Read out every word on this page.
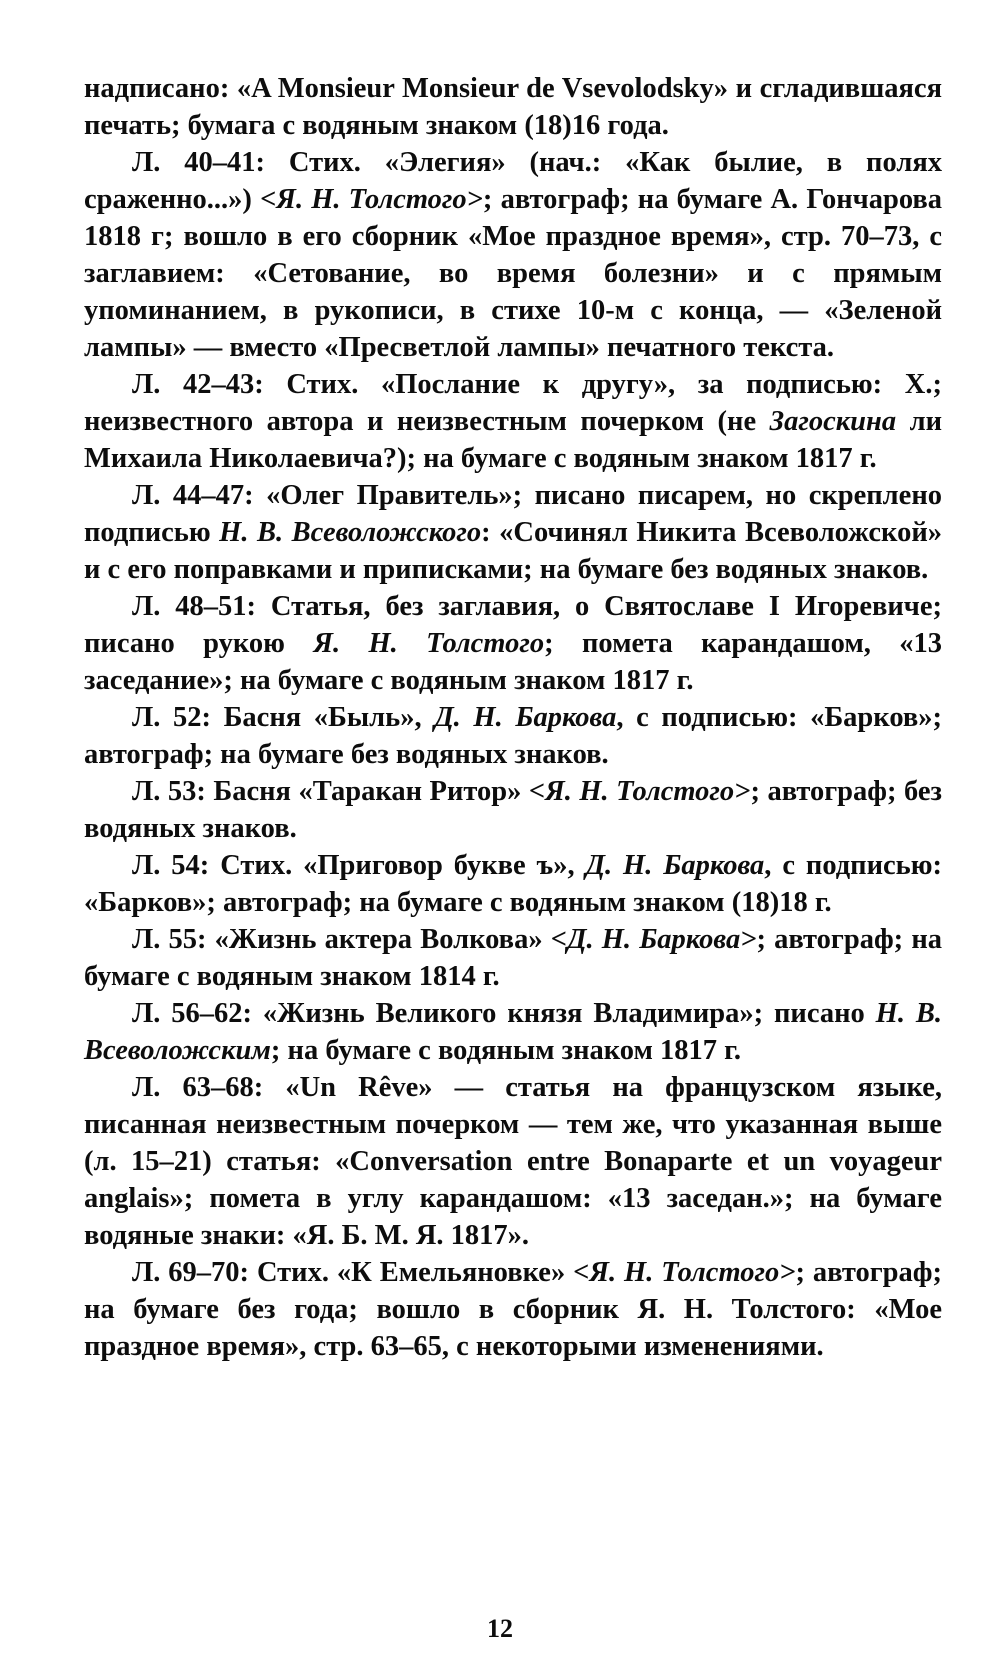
надписано: «A Monsieur Monsieur de Vsevolodsky» и сгладившаяся печать; бумага с водяным знаком (18)16 года.

Л. 40–41: Стих. «Элегия» (нач.: «Как былие, в полях сраженно...») <Я. Н. Толстого>; автограф; на бумаге А. Гончарова 1818 г; вошло в его сборник «Мое праздное время», стр. 70–73, с заглавием: «Сетование, во время болезни» и с прямым упоминанием, в рукописи, в стихе 10-м с конца, — «Зеленой лампы» — вместо «Пресветлой лампы» печатного текста.

Л. 42–43: Стих. «Послание к другу», за подписью: X.; неизвестного автора и неизвестным почерком (не Загоскина ли Михаила Николаевича?); на бумаге с водяным знаком 1817 г.

Л. 44–47: «Олег Правитель»; писано писарем, но скреплено подписью Н. В. Всеволожского: «Сочинял Никита Всеволожской» и с его поправками и приписками; на бумаге без водяных знаков.

Л. 48–51: Статья, без заглавия, о Святославе I Игоревиче; писано рукою Я. Н. Толстого; помета карандашом, «13 заседание»; на бумаге с водяным знаком 1817 г.

Л. 52: Басня «Быль», Д. Н. Баркова, с подписью: «Барков»; автограф; на бумаге без водяных знаков.

Л. 53: Басня «Таракан Ритор» <Я. Н. Толстого>; автограф; без водяных знаков.

Л. 54: Стих. «Приговор букве ъ», Д. Н. Баркова, с подписью: «Барков»; автограф; на бумаге с водяным знаком (18)18 г.

Л. 55: «Жизнь актера Волкова» <Д. Н. Баркова>; автограф; на бумаге с водяным знаком 1814 г.

Л. 56–62: «Жизнь Великого князя Владимира»; писано Н. В. Всеволожским; на бумаге с водяным знаком 1817 г.

Л. 63–68: «Un Rêve» — статья на французском языке, писанная неизвестным почерком — тем же, что указанная выше (л. 15–21) статья: «Conversation entre Bonaparte et un voyageur anglais»; помета в углу карандашом: «13 заседан.»; на бумаге водяные знаки: «Я. Б. М. Я. 1817».

Л. 69–70: Стих. «К Емельяновке» <Я. Н. Толстого>; автограф; на бумаге без года; вошло в сборник Я. Н. Толстого: «Мое праздное время», стр. 63–65, с некоторыми изменениями.

12
